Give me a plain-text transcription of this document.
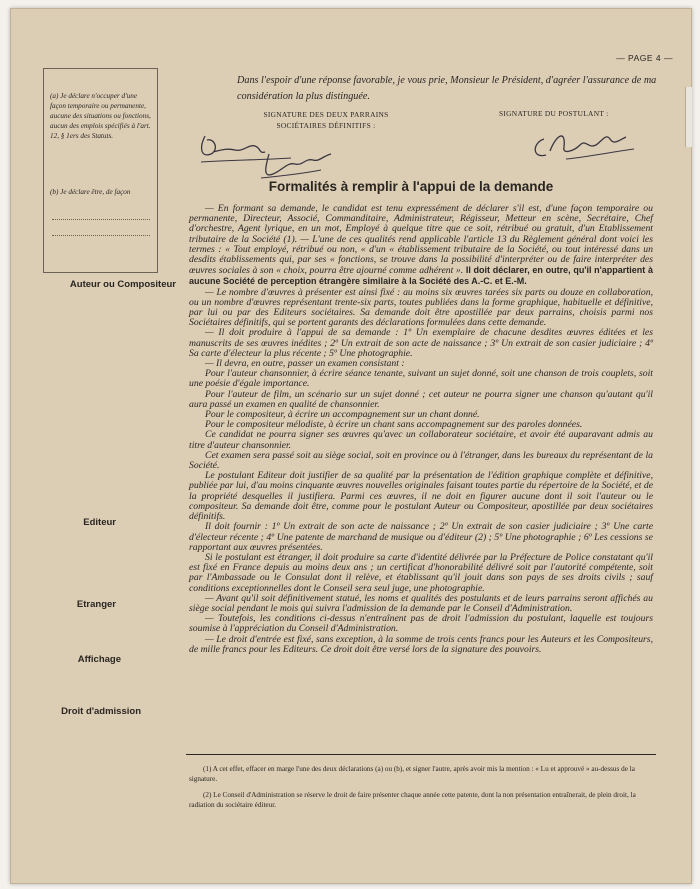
— PAGE 4 —
(a) Je déclare n'occuper d'une façon temporaire ou permanente, aucune des situations ou fonctions, aucun des emplois spécifiés à l'art. 12, § 1ers des Statuts.
(b) Je déclare être, de façon
Dans l'espoir d'une réponse favorable, je vous prie, Monsieur le Président, d'agréer l'assurance de ma considération la plus distinguée.
SIGNATURE DES DEUX PARRAINS SOCIÉTAIRES DÉFINITIFS :
SIGNATURE DU POSTULANT :
Formalités à remplir à l'appui de la demande
Auteur ou Compositeur
Editeur
Etranger
Affichage
Droit d'admission

— En formant sa demande, le candidat est tenu expressément de déclarer s'il est, d'une façon temporaire ou permanente, Directeur, Associé, Commanditaire, Administrateur, Régisseur, Metteur en scène, Secrétaire, Chef d'orchestre, Agent lyrique, en un mot, Employé à quelque titre que ce soit, rétribué ou gratuit, d'un Etablissement tributaire de la Société (1). — L'une de ces qualités rend applicable l'article 13 du Règlement général dont voici les termes : « Tout employé, rétribué ou non, « d'un « établissement tributaire de la Société, ou tout intéressé dans un desdits établissements qui, par ses « fonctions, se trouve dans la possibilité d'interpréter ou de faire interpréter des œuvres sociales à son « choix, pourra être ajourné comme adhérent ». Il doit déclarer, en outre, qu'il n'appartient à aucune Société de perception étrangère similaire à la Société des A.-C. et E.-M.

— Le nombre d'œuvres à présenter est ainsi fixé : au moins six œuvres tarées six parts ou douze en collaboration, ou un nombre d'œuvres représentant trente-six parts, toutes publiées dans la forme graphique, habituelle et définitive, par lui ou par des Editeurs sociétaires. Sa demande doit être apostillée par deux parrains, choisis parmi nos Sociétaires définitifs, qui se portent garants des déclarations formulées dans cette demande.

— Il doit produire à l'appui de sa demande : 1º Un exemplaire de chacune desdites œuvres éditées et les manuscrits de ses œuvres inédites ; 2º Un extrait de son acte de naissance ; 3º Un extrait de son casier judiciaire ; 4º Sa carte d'électeur la plus récente ; 5º Une photographie.

— Il devra, en outre, passer un examen consistant :

Pour l'auteur chansonnier, à écrire séance tenante, suivant un sujet donné, soit une chanson de trois couplets, soit une poésie d'égale importance.

Pour l'auteur de film, un scénario sur un sujet donné ; cet auteur ne pourra signer une chanson qu'autant qu'il aura passé un examen en qualité de chansonnier.

Pour le compositeur, à écrire un accompagnement sur un chant donné.

Pour le compositeur mélodiste, à écrire un chant sans accompagnement sur des paroles données.

Ce candidat ne pourra signer ses œuvres qu'avec un collaborateur sociétaire, et avoir été auparavant admis au titre d'auteur chansonnier.

Cet examen sera passé soit au siège social, soit en province ou à l'étranger, dans les bureaux du représentant de la Société.

Le postulant Editeur doit justifier de sa qualité par la présentation de l'édition graphique complète et définitive, publiée par lui, d'au moins cinquante œuvres nouvelles originales faisant toutes partie du répertoire de la Société, et de la propriété desquelles il justifiera. Parmi ces œuvres, il ne doit en figurer aucune dont il soit l'auteur ou le compositeur. Sa demande doit être, comme pour le postulant Auteur ou Compositeur, apostillée par deux sociétaires définitifs.

Il doit fournir : 1º Un extrait de son acte de naissance ; 2º Un extrait de son casier judiciaire ; 3º Une carte d'électeur récente ; 4º Une patente de marchand de musique ou d'éditeur (2) ; 5º Une photographie ; 6º Les cessions se rapportant aux œuvres présentées.

Si le postulant est étranger, il doit produire sa carte d'identité délivrée par la Préfecture de Police constatant qu'il est fixé en France depuis au moins deux ans ; un certificat d'honorabilité délivré soit par l'autorité compétente, soit par l'Ambassade ou le Consulat dont il relève, et établissant qu'il jouit dans son pays de ses droits civils ; sauf conditions exceptionnelles dont le Conseil sera seul juge, une photographie.

— Avant qu'il soit définitivement statué, les noms et qualités des postulants et de leurs parrains seront affichés au siège social pendant le mois qui suivra l'admission de la demande par le Conseil d'Administration.

— Toutefois, les conditions ci-dessus n'entraînent pas de droit l'admission du postulant, laquelle est toujours soumise à l'appréciation du Conseil d'Administration.

— Le droit d'entrée est fixé, sans exception, à la somme de trois cents francs pour les Auteurs et les Compositeurs, de mille francs pour les Editeurs. Ce droit doit être versé lors de la signature des pouvoirs.

(1) A cet effet, effacer en marge l'une des deux déclarations (a) ou (b), et signer l'autre, après avoir mis la mention : « Lu et approuvé » au-dessus de la signature.

(2) Le Conseil d'Administration se réserve le droit de faire présenter chaque année cette patente, dont la non présentation entraînerait, de plein droit, la radiation du sociétaire éditeur.
